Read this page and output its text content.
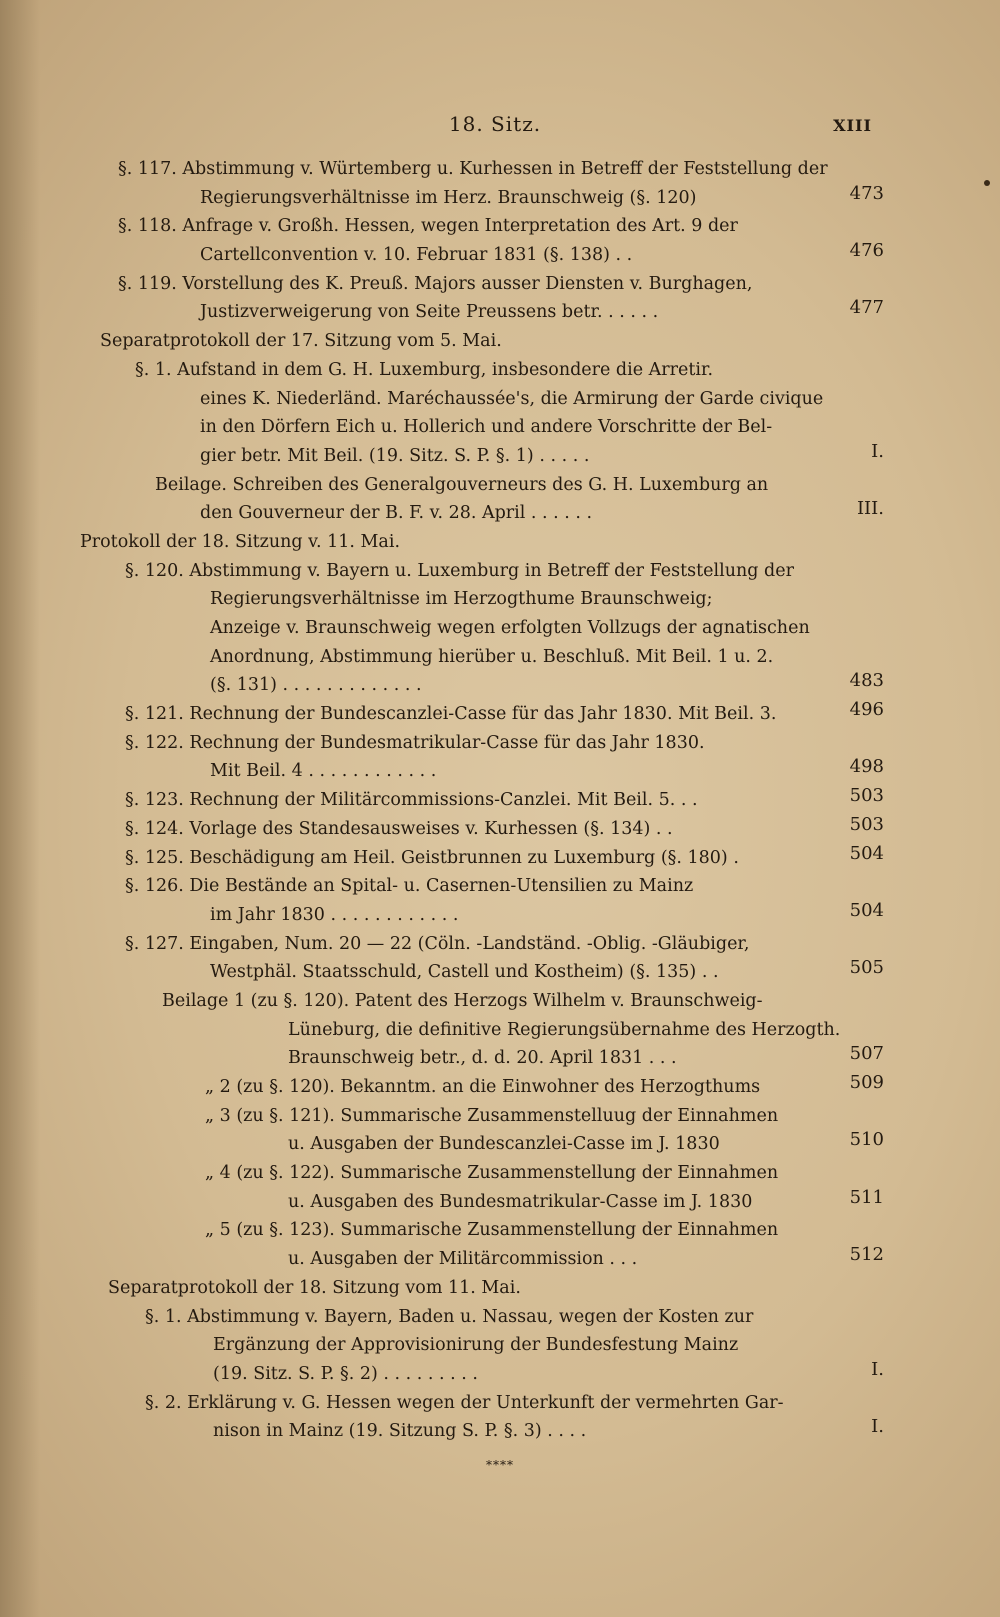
18. Sitz.	XIII
§. 117. Abstimmung v. Würtemberg u. Kurhessen in Betreff der Feststellung der
Regierungsverhältnisse im Herz. Braunschweig (§. 120)	473
§. 118. Anfrage v. Großh. Hessen, wegen Interpretation des Art. 9 der
Cartellconvention v. 10. Februar 1831 (§. 138) . .	476
§. 119. Vorstellung des K. Preuß. Majors ausser Diensten v. Burghagen,
Justizverweigerung von Seite Preussens betr. . . . . .	477
Separatprotokoll der 17. Sitzung vom 5. Mai.
§. 1. Aufstand in dem G. H. Luxemburg, insbesondere die Arretir.
eines K. Niederländ. Maréchaussée's, die Armirung der Garde civique
in den Dörfern Eich u. Hollerich und andere Vorschritte der Bel-
gier betr. Mit Beil. (19. Sitz. S. P. §. 1) . . . . .	I.
Beilage. Schreiben des Generalgouverneurs des G. H. Luxemburg an
den Gouverneur der B. F. v. 28. April . . . . . .	III.
Protokoll der 18. Sitzung v. 11. Mai.
§. 120. Abstimmung v. Bayern u. Luxemburg in Betreff der Feststellung der
Regierungsverhältnisse im Herzogthume Braunschweig;
Anzeige v. Braunschweig wegen erfolgten Vollzugs der agnatischen
Anordnung, Abstimmung hierüber u. Beschluß. Mit Beil. 1 u. 2.
(§. 131) . . . . . . . . . . . . .	483
§. 121. Rechnung der Bundescanzlei-Casse für das Jahr 1830. Mit Beil. 3.	496
§. 122. Rechnung der Bundesmatrikular-Casse für das Jahr 1830.
Mit Beil. 4 . . . . . . . . . . . .	498
§. 123. Rechnung der Militärcommissions-Canzlei. Mit Beil. 5. . .	503
§. 124. Vorlage des Standesausweises v. Kurhessen (§. 134) . .	503
§. 125. Beschädigung am Heil. Geistbrunnen zu Luxemburg (§. 180) .	504
§. 126. Die Bestände an Spital- u. Casernen-Utensilien zu Mainz
im Jahr 1830 . . . . . . . . . . . .	504
§. 127. Eingaben, Num. 20 — 22 (Cöln. -Landständ. -Oblig. -Gläubiger,
Westphäl. Staatsschuld, Castell und Kostheim) (§. 135) . .	505
Beilage 1 (zu §. 120). Patent des Herzogs Wilhelm v. Braunschweig-
Lüneburg, die definitive Regierungsübernahme des Herzogth.
Braunschweig betr., d. d. 20. April 1831 . . .	507
„ 2 (zu §. 120). Bekanntm. an die Einwohner des Herzogthums	509
„ 3 (zu §. 121). Summarische Zusammenstelluug der Einnahmen
u. Ausgaben der Bundescanzlei-Casse im J. 1830	510
„ 4 (zu §. 122). Summarische Zusammenstellung der Einnahmen
u. Ausgaben des Bundesmatrikular-Casse im J. 1830	511
„ 5 (zu §. 123). Summarische Zusammenstellung der Einnahmen
u. Ausgaben der Militärcommission . . .	512
Separatprotokoll der 18. Sitzung vom 11. Mai.
§. 1. Abstimmung v. Bayern, Baden u. Nassau, wegen der Kosten zur
Ergänzung der Approvisionirung der Bundesfestung Mainz
(19. Sitz. S. P. §. 2) . . . . . . . . .	I.
§. 2. Erklärung v. G. Hessen wegen der Unterkunft der vermehrten Gar-
nison in Mainz (19. Sitzung S. P. §. 3) . . . .	I.
****
